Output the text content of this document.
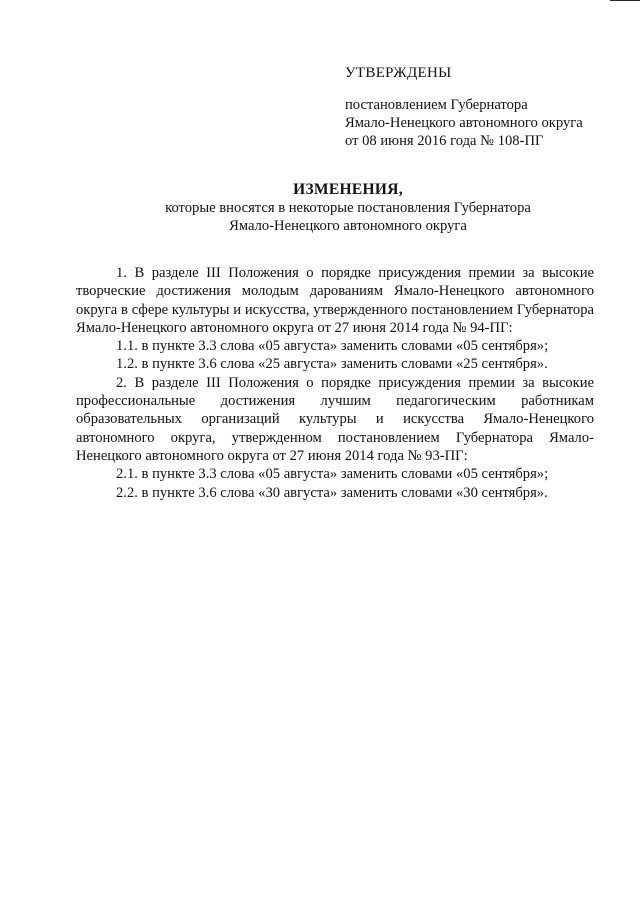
УТВЕРЖДЕНЫ
постановлением Губернатора
Ямало-Ненецкого автономного округа
от 08 июня 2016 года № 108-ПГ
ИЗМЕНЕНИЯ,
которые вносятся в некоторые постановления Губернатора
Ямало-Ненецкого автономного округа

1. В разделе III Положения о порядке присуждения премии за высокие творческие достижения молодым дарованиям Ямало-Ненецкого автономного округа в сфере культуры и искусства, утвержденного постановлением Губернатора Ямало-Ненецкого автономного округа от 27 июня 2014 года № 94-ПГ:

1.1. в пункте 3.3 слова «05 августа» заменить словами «05 сентября»;

1.2. в пункте 3.6 слова «25 августа» заменить словами «25 сентября».

2. В разделе III Положения о порядке присуждения премии за высокие профессиональные достижения лучшим педагогическим работникам образовательных организаций культуры и искусства Ямало-Ненецкого автономного округа, утвержденном постановлением Губернатора Ямало-Ненецкого автономного округа от 27 июня 2014 года № 93-ПГ:

2.1. в пункте 3.3 слова «05 августа» заменить словами «05 сентября»;

2.2. в пункте 3.6 слова «30 августа» заменить словами «30 сентября».
